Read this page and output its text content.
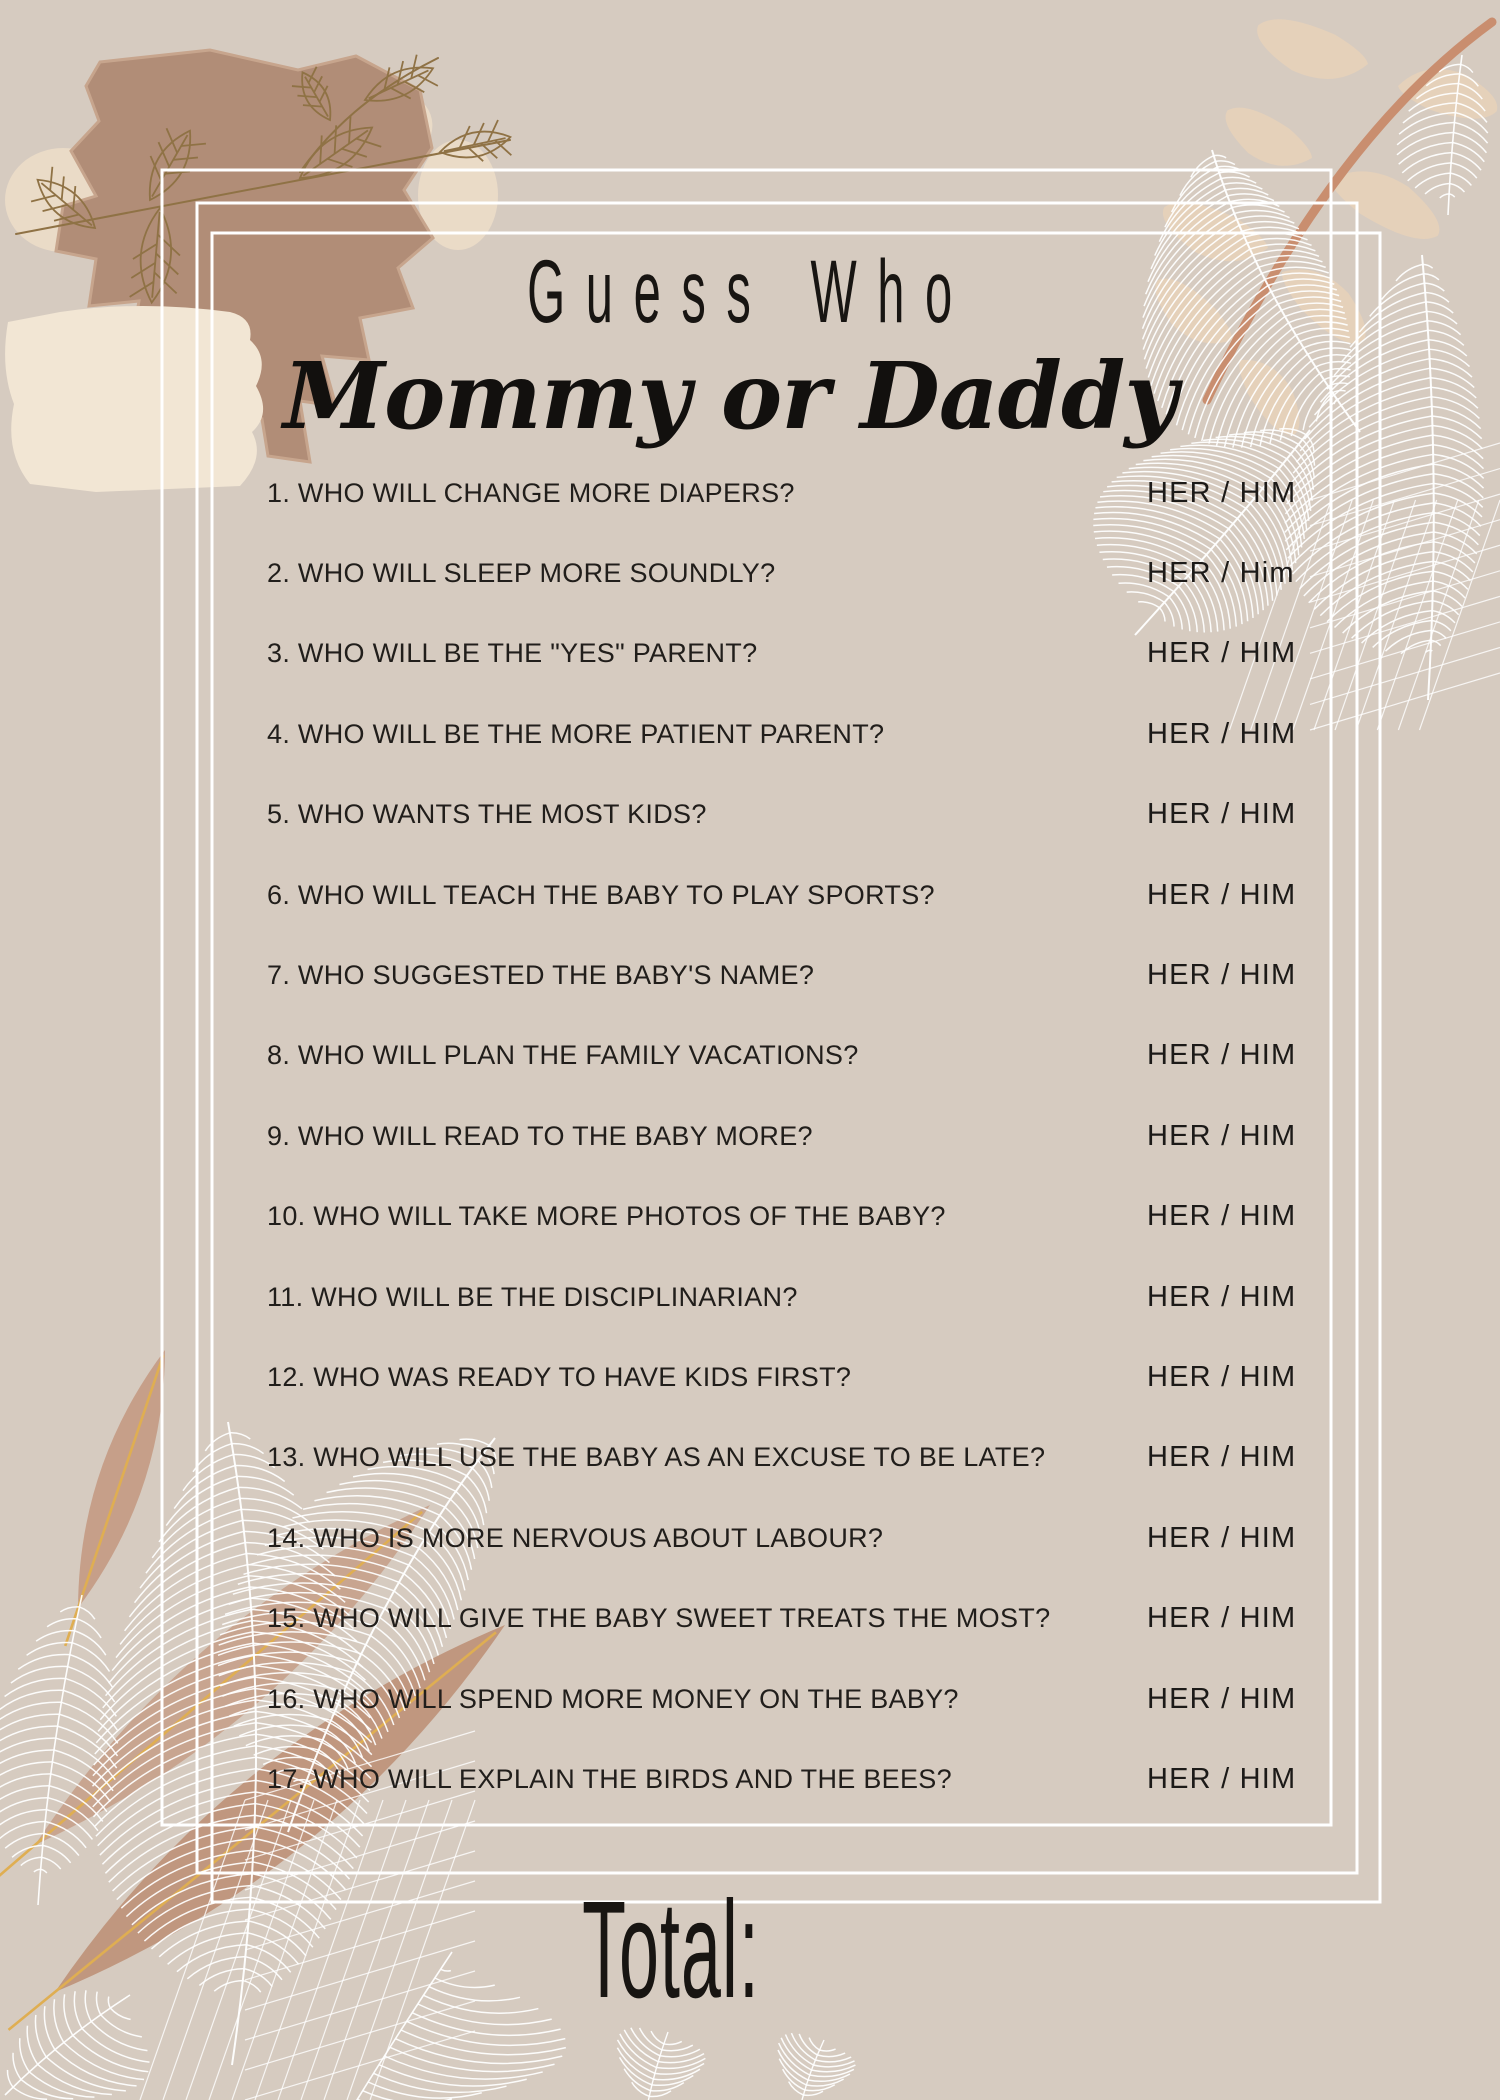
Guess Who
Mommy or Daddy
1. WHO WILL CHANGE MORE DIAPERS?	HER / HIM
2. WHO WILL SLEEP MORE SOUNDLY?	HER / Him
3. WHO WILL BE THE "YES" PARENT?	HER / HIM
4. WHO WILL BE THE MORE PATIENT PARENT?	HER / HIM
5. WHO WANTS THE MOST KIDS?	HER / HIM
6. WHO WILL TEACH THE BABY TO PLAY SPORTS?	HER / HIM
7. WHO SUGGESTED THE BABY'S NAME?	HER / HIM
8. WHO WILL PLAN THE FAMILY VACATIONS?	HER / HIM
9. WHO WILL READ TO THE BABY MORE?	HER / HIM
10. WHO WILL TAKE MORE PHOTOS OF THE BABY?	HER / HIM
11. WHO WILL BE THE DISCIPLINARIAN?	HER / HIM
12. WHO WAS READY TO HAVE KIDS FIRST?	HER / HIM
13. WHO WILL USE THE BABY AS AN EXCUSE TO BE LATE?	HER / HIM
14. WHO IS MORE NERVOUS ABOUT LABOUR?	HER / HIM
15. WHO WILL GIVE THE BABY SWEET TREATS THE MOST?	HER / HIM
16. WHO WILL SPEND MORE MONEY ON THE BABY?	HER / HIM
17. WHO WILL EXPLAIN THE BIRDS AND THE BEES?	HER / HIM
Total:
